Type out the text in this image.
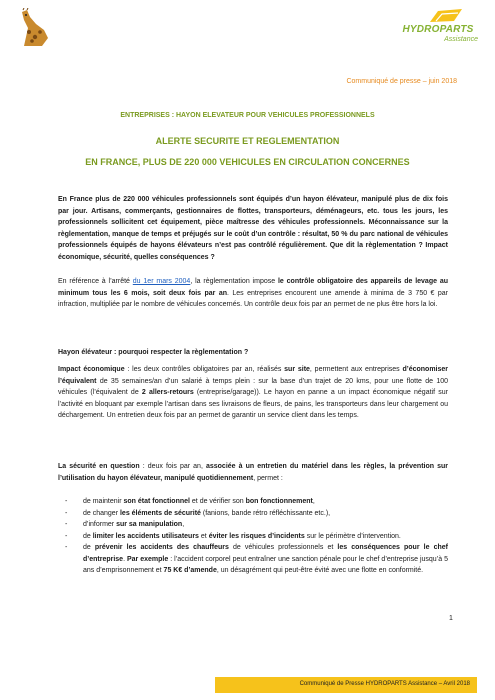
HYDROPARTS
Assistance
Communiqué de presse – juin 2018
ENTREPRISES : HAYON ELEVATEUR POUR VEHICULES PROFESSIONNELS
ALERTE SECURITE ET REGLEMENTATION
EN FRANCE, PLUS DE 220 000 VEHICULES EN CIRCULATION CONCERNES

En France plus de 220 000 véhicules professionnels sont équipés d’un hayon élévateur, manipulé plus de dix fois par jour. Artisans, commerçants, gestionnaires de flottes, transporteurs, déménageurs, etc. tous les jours, les professionnels sollicitent cet équipement, pièce maîtresse des véhicules professionnels. Méconnaissance sur la règlementation, manque de temps et préjugés sur le coût d’un contrôle : résultat, 50 % du parc national de véhicules professionnels équipés de hayons élévateurs n’est pas contrôlé régulièrement. Que dit la règlementation ? Impact économique, sécurité, quelles conséquences ?

En référence à l’arrêté du 1er mars 2004, la règlementation impose le contrôle obligatoire des appareils de levage au minimum tous les 6 mois, soit deux fois par an. Les entreprises encourent une amende à minima de 3 750 € par infraction, multipliée par le nombre de véhicules concernés. Un contrôle deux fois par an permet de ne plus être hors la loi.

Hayon élévateur : pourquoi respecter la règlementation ?

Impact économique : les deux contrôles obligatoires par an, réalisés sur site, permettent aux entreprises d’économiser l’équivalent de 35 semaines/an d’un salarié à temps plein : sur la base d’un trajet de 20 kms, pour une flotte de 100 véhicules (l’équivalent de 2 allers-retours (entreprise/garage)). Le hayon en panne a un impact économique négatif sur l’activité en bloquant par exemple l’artisan dans ses livraisons de fleurs, de pains, les transporteurs dans leur chargement ou déchargement. Un entretien deux fois par an permet de garantir un service client dans les temps.

La sécurité en question : deux fois par an, associée à un entretien du matériel dans les règles, la prévention sur l’utilisation du hayon élévateur, manipulé quotidiennement, permet :

- de maintenir son état fonctionnel et de vérifier son bon fonctionnement,
- de changer les éléments de sécurité (fanions, bande rétro réfléchissante etc.),
- d’informer sur sa manipulation,
- de limiter les accidents utilisateurs et éviter les risques d’incidents sur le périmètre d’intervention.
- de prévenir les accidents des chauffeurs de véhicules professionnels et les conséquences pour le chef d’entreprise. Par exemple : l’accident corporel peut entraîner une sanction pénale pour le chef d’entreprise jusqu’à 5 ans d’emprisonnement et 75 K€ d’amende, un désagrément qui peut-être évité avec une flotte en conformité.
1
Communiqué de Presse HYDROPARTS Assistance – Avril 2018
